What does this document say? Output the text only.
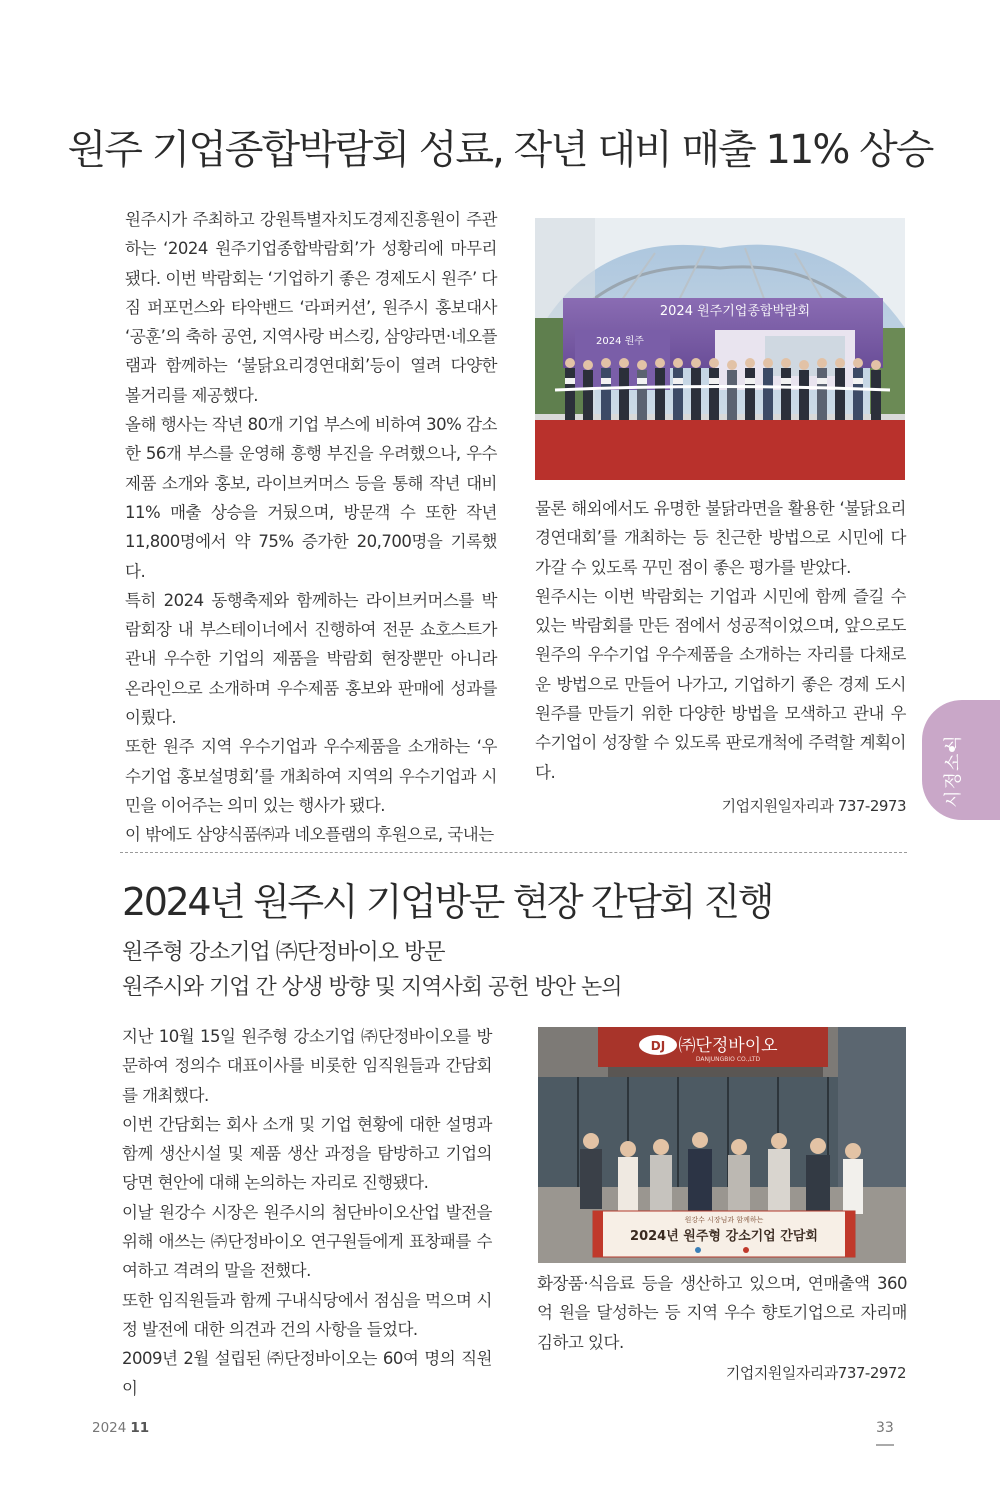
원주 기업종합박람회 성료, 작년 대비 매출 11% 상승

원주시가 주최하고 강원특별자치도경제진흥원이 주관하는 ‘2024 원주기업종합박람회’가 성황리에 마무리됐다. 이번 박람회는 ‘기업하기 좋은 경제도시 원주’ 다짐 퍼포먼스와 타악밴드 ‘라퍼커션’, 원주시 홍보대사 ‘공훈’의 축하 공연, 지역사랑 버스킹, 삼양라면·네오플램과 함께하는 ‘불닭요리경연대회’등이 열려 다양한 볼거리를 제공했다.

올해 행사는 작년 80개 기업 부스에 비하여 30% 감소한 56개 부스를 운영해 흥행 부진을 우려했으나, 우수제품 소개와 홍보, 라이브커머스 등을 통해 작년 대비 11% 매출 상승을 거뒀으며, 방문객 수 또한 작년 11,800명에서 약 75% 증가한 20,700명을 기록했다.

특히 2024 동행축제와 함께하는 라이브커머스를 박람회장 내 부스테이너에서 진행하여 전문 쇼호스트가 관내 우수한 기업의 제품을 박람회 현장뿐만 아니라 온라인으로 소개하며 우수제품 홍보와 판매에 성과를 이뤘다.

또한 원주 지역 우수기업과 우수제품을 소개하는 ‘우수기업 홍보설명회’를 개최하여 지역의 우수기업과 시민을 이어주는 의미 있는 행사가 됐다.

이 밖에도 삼양식품㈜과 네오플램의 후원으로, 국내는

2024 원주기업종합박람회
2024 원주

물론 해외에서도 유명한 불닭라면을 활용한 ‘불닭요리경연대회’를 개최하는 등 친근한 방법으로 시민에 다가갈 수 있도록 꾸민 점이 좋은 평가를 받았다.

원주시는 이번 박람회는 기업과 시민에 함께 즐길 수 있는 박람회를 만든 점에서 성공적이었으며, 앞으로도 원주의 우수기업 우수제품을 소개하는 자리를 다채로운 방법으로 만들어 나가고, 기업하기 좋은 경제 도시 원주를 만들기 위한 다양한 방법을 모색하고 관내 우수기업이 성장할 수 있도록 판로개척에 주력할 계획이다.

기업지원일자리과 737-2973
2024년 원주시 기업방문 현장 간담회 진행
원주형 강소기업 ㈜단정바이오 방문
원주시와 기업 간 상생 방향 및 지역사회 공헌 방안 논의

지난 10월 15일 원주형 강소기업 ㈜단정바이오를 방문하여 정의수 대표이사를 비롯한 임직원들과 간담회를 개최했다.

이번 간담회는 회사 소개 및 기업 현황에 대한 설명과 함께 생산시설 및 제품 생산 과정을 탐방하고 기업의 당면 현안에 대해 논의하는 자리로 진행됐다.

이날 원강수 시장은 원주시의 첨단바이오산업 발전을 위해 애쓰는 ㈜단정바이오 연구원들에게 표창패를 수여하고 격려의 말을 전했다.

또한 임직원들과 함께 구내식당에서 점심을 먹으며 시정 발전에 대한 의견과 건의 사항을 들었다.

2009년 2월 설립된 ㈜단정바이오는 60여 명의 직원이

DJ ㈜단정바이오
DANJUNGBIO CO.,LTD
원강수 시장님과 함께하는
2024년 원주형 강소기업 간담회

화장품·식음료 등을 생산하고 있으며, 연매출액 360억 원을 달성하는 등 지역 우수 향토기업으로 자리매김하고 있다.

기업지원일자리과737-2972
시정소식
2024 11	33
